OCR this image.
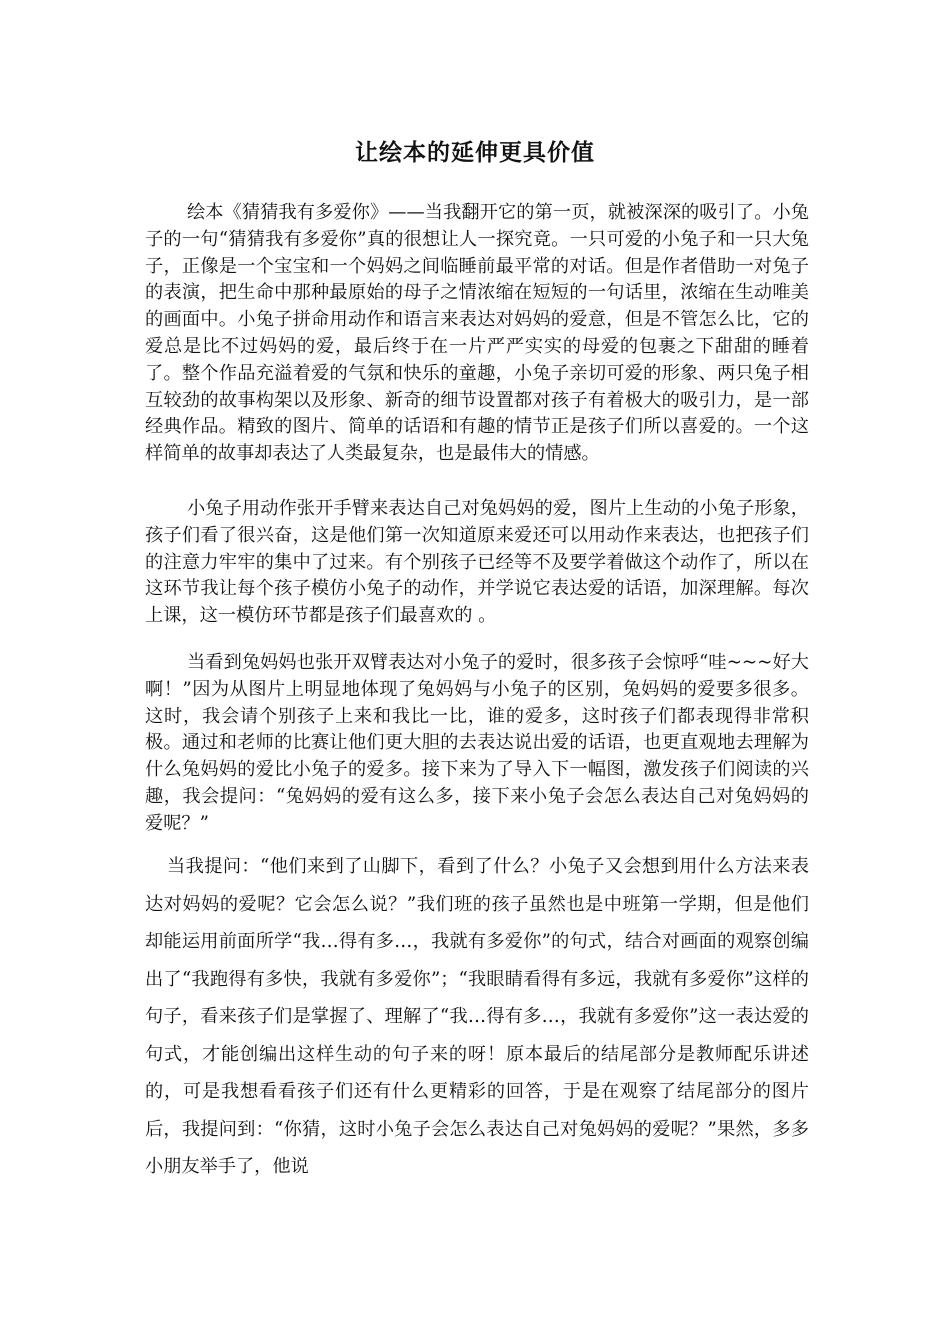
让绘本的延伸更具价值

绘本《猜猜我有多爱你》——当我翻开它的第一页，就被深深的吸引了。小兔子的一句“猜猜我有多爱你”真的很想让人一探究竟。一只可爱的小兔子和一只大兔子，正像是一个宝宝和一个妈妈之间临睡前最平常的对话。但是作者借助一对兔子的表演，把生命中那种最原始的母子之情浓缩在短短的一句话里，浓缩在生动唯美的画面中。小兔子拼命用动作和语言来表达对妈妈的爱意，但是不管怎么比，它的爱总是比不过妈妈的爱，最后终于在一片严严实实的母爱的包裹之下甜甜的睡着了。整个作品充溢着爱的气氛和快乐的童趣，小兔子亲切可爱的形象、两只兔子相互较劲的故事构架以及形象、新奇的细节设置都对孩子有着极大的吸引力，是一部经典作品。精致的图片、简单的话语和有趣的情节正是孩子们所以喜爱的。一个这样简单的故事却表达了人类最复杂，也是最伟大的情感。

小兔子用动作张开手臂来表达自己对兔妈妈的爱，图片上生动的小兔子形象，孩子们看了很兴奋，这是他们第一次知道原来爱还可以用动作来表达，也把孩子们的注意力牢牢的集中了过来。有个别孩子已经等不及要学着做这个动作了，所以在这环节我让每个孩子模仿小兔子的动作，并学说它表达爱的话语，加深理解。每次上课，这一模仿环节都是孩子们最喜欢的 。

当看到兔妈妈也张开双臂表达对小兔子的爱时，很多孩子会惊呼“哇~~~好大啊！”因为从图片上明显地体现了兔妈妈与小兔子的区别，兔妈妈的爱要多很多。这时，我会请个别孩子上来和我比一比，谁的爱多，这时孩子们都表现得非常积极。通过和老师的比赛让他们更大胆的去表达说出爱的话语，也更直观地去理解为什么兔妈妈的爱比小兔子的爱多。接下来为了导入下一幅图，激发孩子们阅读的兴趣，我会提问：“兔妈妈的爱有这么多，接下来小兔子会怎么表达自己对兔妈妈的爱呢？”

当我提问：“他们来到了山脚下，看到了什么？小兔子又会想到用什么方法来表达对妈妈的爱呢？它会怎么说？”我们班的孩子虽然也是中班第一学期，但是他们却能运用前面所学“我…得有多…，我就有多爱你”的句式，结合对画面的观察创编出了“我跑得有多快，我就有多爱你”；“我眼睛看得有多远，我就有多爱你”这样的句子，看来孩子们是掌握了、理解了“我…得有多…，我就有多爱你”这一表达爱的句式，才能创编出这样生动的句子来的呀！原本最后的结尾部分是教师配乐讲述的，可是我想看看孩子们还有什么更精彩的回答，于是在观察了结尾部分的图片后，我提问到：“你猜，这时小兔子会怎么表达自己对兔妈妈的爱呢？”果然，多多小朋友举手了，他说
